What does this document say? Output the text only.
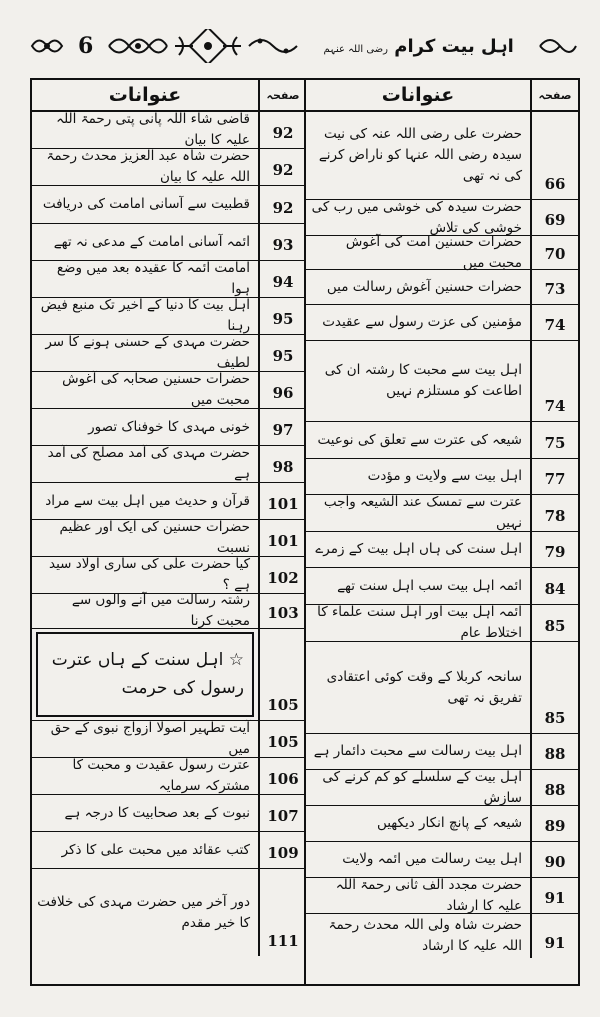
6	اہل بیت کرام رضی اللہ عنہم
صفحہ
عنوانات
66
حضرت علی رضی اللہ عنہ کی نیت سیدہ رضی اللہ عنہا کو ناراض کرنے کی نہ تھی
69
حضرت سیدہ کی خوشی میں رب کی خوشی کی تلاش
70
حضرات حسنین امت کی آغوش محبت میں
73
حضرات حسنین آغوش رسالت میں
74
مؤمنین کی عزت رسول سے عقیدت
74
اہل بیت سے محبت کا رشتہ ان کی اطاعت کو مستلزم نہیں
75
شیعہ کی عترت سے تعلق کی نوعیت
77
اہل بیت سے ولایت و مؤدت
78
عترت سے تمسک عند الشیعہ واجب نہیں
79
اہل سنت کی ہاں اہل بیت کے زمرے
84
ائمہ اہل بیت سب اہل سنت تھے
85
ائمہ اہل بیت اور اہل سنت علماء کا اختلاط عام
85
سانحہ کربلا کے وقت کوئی اعتقادی تفریق نہ تھی
88
اہل بیت رسالت سے محبت دائمار ہے
88
اہل بیت کے سلسلے کو کم کرنے کی سازش
89
شیعہ کے پانچ انکار دیکھیں
90
اہل بیت رسالت میں ائمہ ولایت
91
حضرت مجدد الف ثانی رحمۃ اللہ علیہ کا ارشاد
91
حضرت شاہ ولی اللہ محدث رحمۃ اللہ علیہ کا ارشاد
صفحہ
عنوانات
92
قاضی شاء اللہ پانی پتی رحمۃ اللہ علیہ کا بیان
92
حضرت شاہ عبد العزیز محدث رحمۃ اللہ علیہ کا بیان
92
قطبیت سے آسانی امامت کی دریافت
93
ائمہ آسانی امامت کے مدعی نہ تھے
94
امامت ائمہ کا عقیدہ بعد میں وضع ہوا
95
اہل بیت کا دنیا کے اخیر تک منبع فیض رہنا
95
حضرت مہدی کے حسنی ہونے کا سر لطیف
96
حضرات حسنین صحابہ کی آغوش محبت میں
97
خونی مہدی کا خوفناک تصور
98
حضرت مہدی کی آمد مصلح کی آمد ہے
101
قرآن و حدیث میں اہل بیت سے مراد
101
حضرات حسنین کی ایک اور عظیم نسبت
102
کیا حضرت علی کی ساری اولاد سید ہے ؟
103
رشتہ رسالت میں آنے والوں سے محبت کرنا
105
☆ اہل سنت کے ہاں عترت رسول کی حرمت
105
آیت تطہیر اصولا ازواج نبوی کے حق میں
106
عترت رسول عقیدت و محبت کا مشترکہ سرمایہ
107
نبوت کے بعد صحابیت کا درجہ ہے
109
کتب عقائد میں محبت علی کا ذکر
111
دور آخر میں حضرت مہدی کی خلافت کا خیر مقدم
